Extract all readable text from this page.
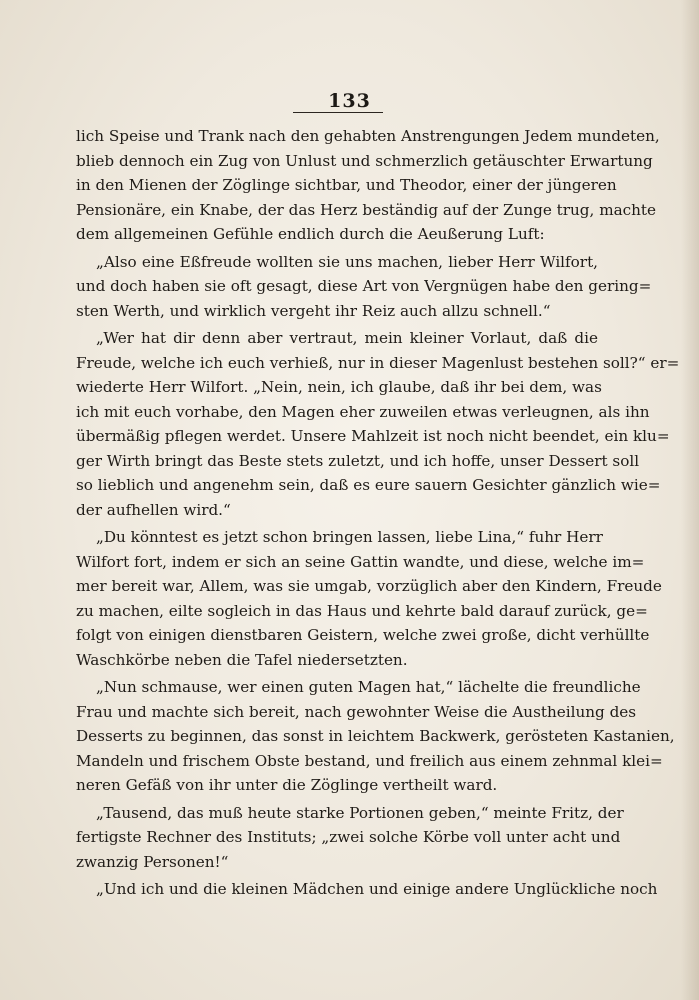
133
lich Speise und Trank nach den gehabten Anstrengungen Jedem mundeten,
blieb dennoch ein Zug von Unlust und schmerzlich getäuschter Erwartung
in den Mienen der Zöglinge sichtbar, und Theodor, einer der jüngeren
Pensionäre, ein Knabe, der das Herz beständig auf der Zunge trug, machte
dem allgemeinen Gefühle endlich durch die Aeußerung Luft:
„Also eine Eßfreude wollten sie uns machen, lieber Herr Wilfort,
und doch haben sie oft gesagt, diese Art von Vergnügen habe den gering=
sten Werth, und wirklich vergeht ihr Reiz auch allzu schnell.“
„Wer hat dir denn aber vertraut, mein kleiner Vorlaut, daß die
Freude, welche ich euch verhieß, nur in dieser Magenlust bestehen soll?“ er=
wiederte Herr Wilfort. „Nein, nein, ich glaube, daß ihr bei dem, was
ich mit euch vorhabe, den Magen eher zuweilen etwas verleugnen, als ihn
übermäßig pflegen werdet. Unsere Mahlzeit ist noch nicht beendet, ein klu=
ger Wirth bringt das Beste stets zuletzt, und ich hoffe, unser Dessert soll
so lieblich und angenehm sein, daß es eure sauern Gesichter gänzlich wie=
der aufhellen wird.“
„Du könntest es jetzt schon bringen lassen, liebe Lina,“ fuhr Herr
Wilfort fort, indem er sich an seine Gattin wandte, und diese, welche im=
mer bereit war, Allem, was sie umgab, vorzüglich aber den Kindern, Freude
zu machen, eilte sogleich in das Haus und kehrte bald darauf zurück, ge=
folgt von einigen dienstbaren Geistern, welche zwei große, dicht verhüllte
Waschkörbe neben die Tafel niedersetzten.
„Nun schmause, wer einen guten Magen hat,“ lächelte die freundliche
Frau und machte sich bereit, nach gewohnter Weise die Austheilung des
Desserts zu beginnen, das sonst in leichtem Backwerk, gerösteten Kastanien,
Mandeln und frischem Obste bestand, und freilich aus einem zehnmal klei=
neren Gefäß von ihr unter die Zöglinge vertheilt ward.
„Tausend, das muß heute starke Portionen geben,“ meinte Fritz, der
fertigste Rechner des Instituts; „zwei solche Körbe voll unter acht und
zwanzig Personen!“
„Und ich und die kleinen Mädchen und einige andere Unglückliche noch
